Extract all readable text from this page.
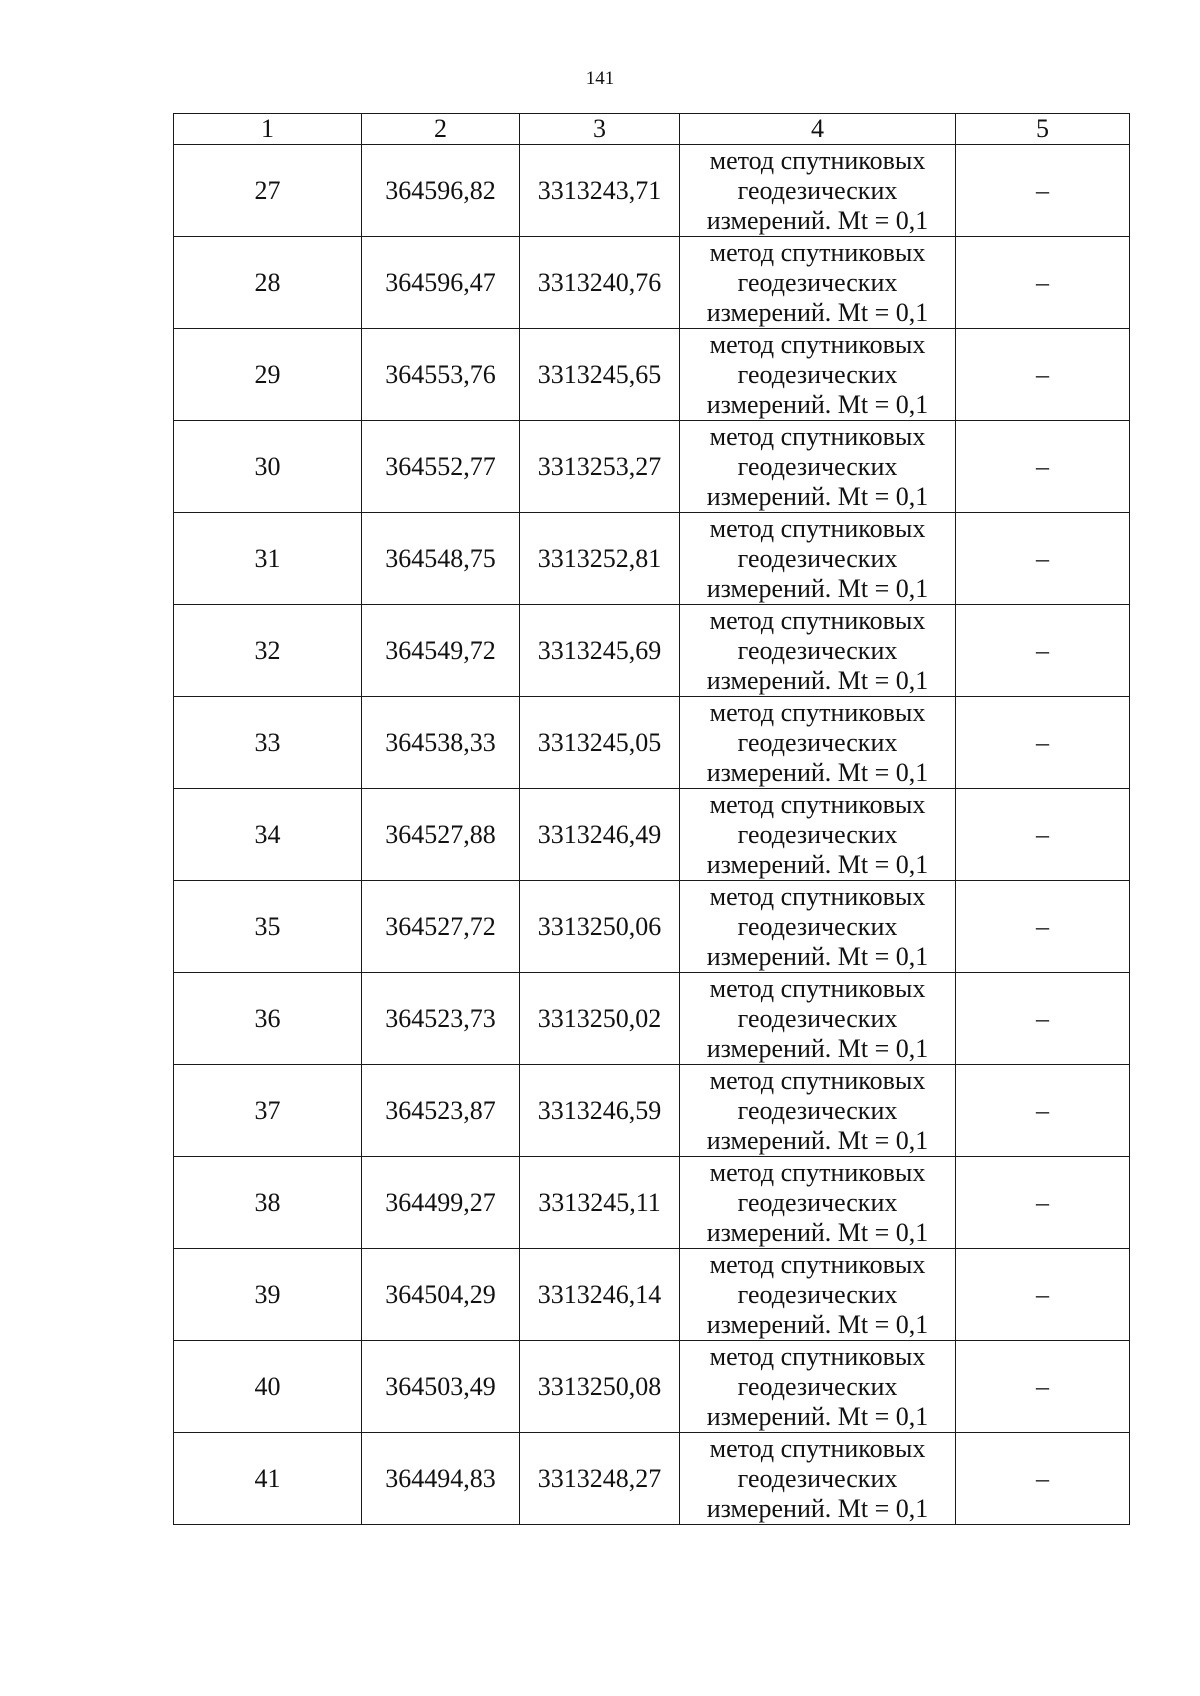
141
1	2	3	4	5
27	364596,82	3313243,71	метод спутниковых геодезических измерений. Mt = 0,1	–
28	364596,47	3313240,76	метод спутниковых геодезических измерений. Mt = 0,1	–
29	364553,76	3313245,65	метод спутниковых геодезических измерений. Mt = 0,1	–
30	364552,77	3313253,27	метод спутниковых геодезических измерений. Mt = 0,1	–
31	364548,75	3313252,81	метод спутниковых геодезических измерений. Mt = 0,1	–
32	364549,72	3313245,69	метод спутниковых геодезических измерений. Mt = 0,1	–
33	364538,33	3313245,05	метод спутниковых геодезических измерений. Mt = 0,1	–
34	364527,88	3313246,49	метод спутниковых геодезических измерений. Mt = 0,1	–
35	364527,72	3313250,06	метод спутниковых геодезических измерений. Mt = 0,1	–
36	364523,73	3313250,02	метод спутниковых геодезических измерений. Mt = 0,1	–
37	364523,87	3313246,59	метод спутниковых геодезических измерений. Mt = 0,1	–
38	364499,27	3313245,11	метод спутниковых геодезических измерений. Mt = 0,1	–
39	364504,29	3313246,14	метод спутниковых геодезических измерений. Mt = 0,1	–
40	364503,49	3313250,08	метод спутниковых геодезических измерений. Mt = 0,1	–
41	364494,83	3313248,27	метод спутниковых геодезических измерений. Mt = 0,1	–
